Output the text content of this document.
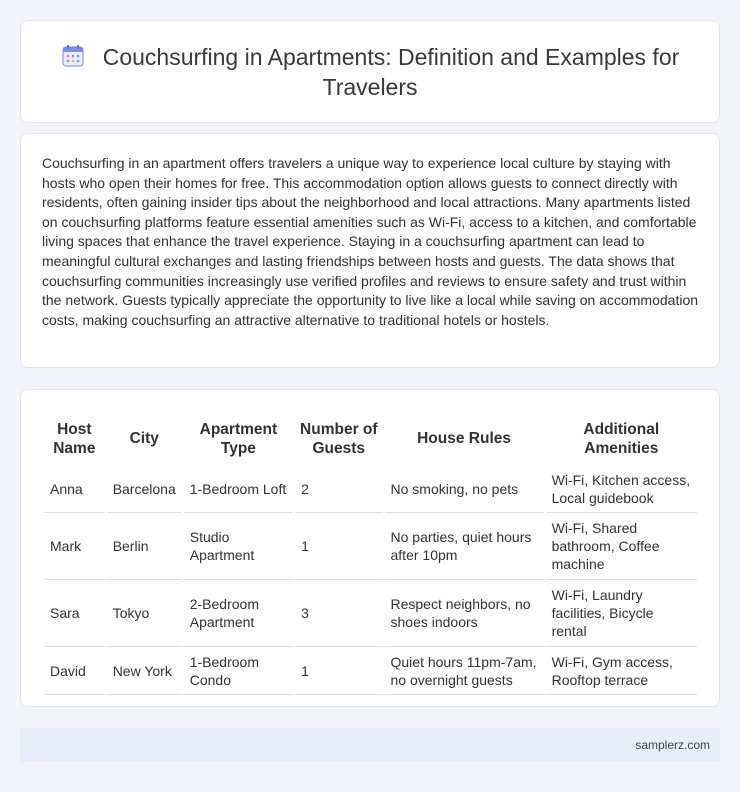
Couchsurfing in Apartments: Definition and Examples for Travelers

Couchsurfing in an apartment offers travelers a unique way to experience local culture by staying with hosts who open their homes for free. This accommodation option allows guests to connect directly with residents, often gaining insider tips about the neighborhood and local attractions. Many apartments listed on couchsurfing platforms feature essential amenities such as Wi-Fi, access to a kitchen, and comfortable living spaces that enhance the travel experience. Staying in a couchsurfing apartment can lead to meaningful cultural exchanges and lasting friendships between hosts and guests. The data shows that couchsurfing communities increasingly use verified profiles and reviews to ensure safety and trust within the network. Guests typically appreciate the opportunity to live like a local while saving on accommodation costs, making couchsurfing an attractive alternative to traditional hotels or hostels.

Host Name	City	Apartment Type	Number of Guests	House Rules	Additional Amenities
Anna	Barcelona	1-Bedroom Loft	2	No smoking, no pets	Wi-Fi, Kitchen access, Local guidebook
Mark	Berlin	Studio Apartment	1	No parties, quiet hours after 10pm	Wi-Fi, Shared bathroom, Coffee machine
Sara	Tokyo	2-Bedroom Apartment	3	Respect neighbors, no shoes indoors	Wi-Fi, Laundry facilities, Bicycle rental
David	New York	1-Bedroom Condo	1	Quiet hours 11pm-7am, no overnight guests	Wi-Fi, Gym access, Rooftop terrace
samplerz.com
